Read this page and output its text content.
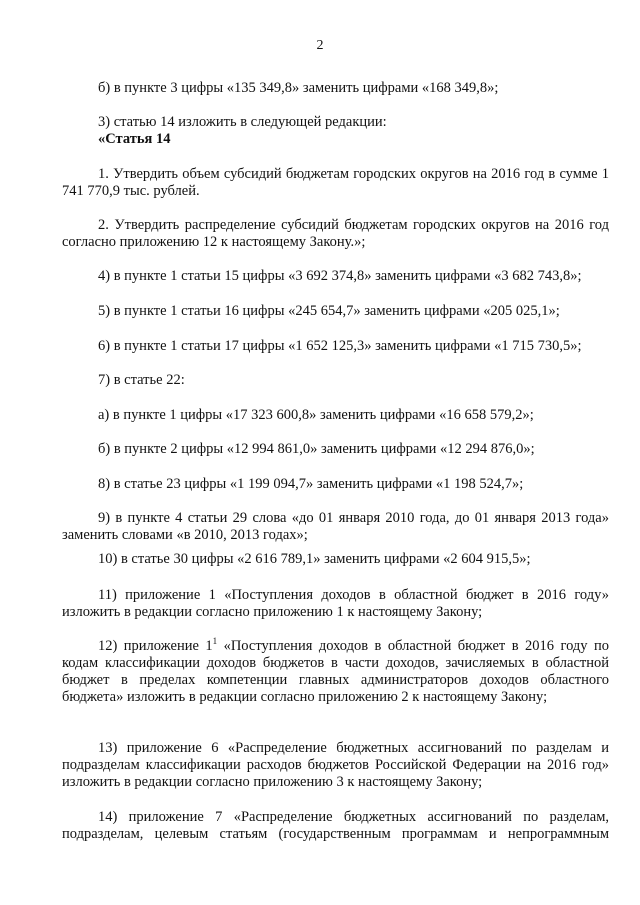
2

б) в пункте 3 цифры «135 349,8» заменить цифрами «168 349,8»;

3) статью 14 изложить в следующей редакции:

«Статья 14

1. Утвердить объем субсидий бюджетам городских округов на 2016 год в сумме 1 741 770,9 тыс. рублей.

2. Утвердить распределение субсидий бюджетам городских округов на 2016 год согласно приложению 12 к настоящему Закону.»;

4) в пункте 1 статьи 15 цифры «3 692 374,8» заменить цифрами «3 682 743,8»;

5) в пункте 1 статьи 16 цифры «245 654,7» заменить цифрами «205 025,1»;

6) в пункте 1 статьи 17 цифры «1 652 125,3» заменить цифрами «1 715 730,5»;

7) в статье 22:

а) в пункте 1 цифры «17 323 600,8» заменить цифрами «16 658 579,2»;

б) в пункте 2 цифры «12 994 861,0» заменить цифрами «12 294 876,0»;

8) в статье 23 цифры «1 199 094,7» заменить цифрами «1 198 524,7»;

9) в пункте 4 статьи 29 слова «до 01 января 2010 года, до 01 января 2013 года» заменить словами «в 2010, 2013 годах»;

10) в статье 30 цифры «2 616 789,1» заменить цифрами «2 604 915,5»;

11) приложение 1 «Поступления доходов в областной бюджет в 2016 году» изложить в редакции согласно приложению 1 к настоящему Закону;

12) приложение $1^1$ «Поступления доходов в областной бюджет в 2016 году по кодам классификации доходов бюджетов в части доходов, зачисляемых в областной бюджет в пределах компетенции главных администраторов доходов областного бюджета» изложить в редакции согласно приложению 2 к настоящему Закону;

13) приложение 6 «Распределение бюджетных ассигнований по разделам и подразделам классификации расходов бюджетов Российской Федерации на 2016 год» изложить в редакции согласно приложению 3 к настоящему Закону;

14) приложение 7 «Распределение бюджетных ассигнований по разделам, подразделам, целевым статьям (государственным программам и непрограммным
